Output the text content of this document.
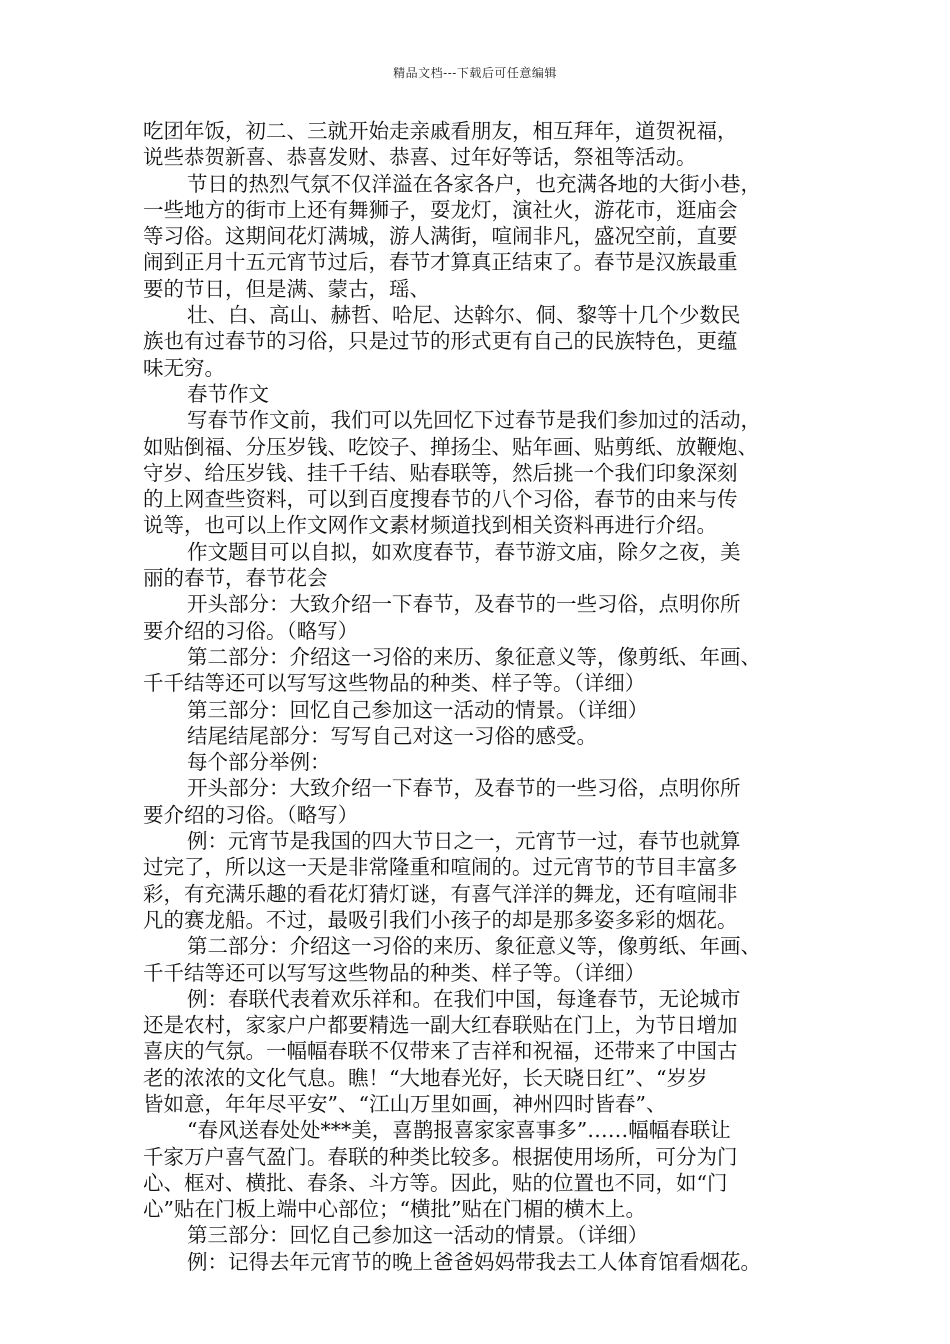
精品文档---下载后可任意编辑
吃团年饭，初二、三就开始走亲戚看朋友，相互拜年，道贺祝福，
说些恭贺新喜、恭喜发财、恭喜、过年好等话，祭祖等活动。
节日的热烈气氛不仅洋溢在各家各户，也充满各地的大街小巷，
一些地方的街市上还有舞狮子，耍龙灯，演社火，游花市，逛庙会
等习俗。这期间花灯满城，游人满街，喧闹非凡，盛况空前，直要
闹到正月十五元宵节过后，春节才算真正结束了。春节是汉族最重
要的节日，但是满、蒙古，瑶、
壮、白、高山、赫哲、哈尼、达斡尔、侗、黎等十几个少数民
族也有过春节的习俗，只是过节的形式更有自己的民族特色，更蕴
味无穷。
春节作文
写春节作文前，我们可以先回忆下过春节是我们参加过的活动，
如贴倒福、分压岁钱、吃饺子、掸扬尘、贴年画、贴剪纸、放鞭炮、
守岁、给压岁钱、挂千千结、贴春联等，然后挑一个我们印象深刻
的上网查些资料，可以到百度搜春节的八个习俗，春节的由来与传
说等，也可以上作文网作文素材频道找到相关资料再进行介绍。
作文题目可以自拟，如欢度春节，春节游文庙，除夕之夜，美
丽的春节，春节花会
开头部分：大致介绍一下春节，及春节的一些习俗，点明你所
要介绍的习俗。（略写）
第二部分：介绍这一习俗的来历、象征意义等，像剪纸、年画、
千千结等还可以写写这些物品的种类、样子等。（详细）
第三部分：回忆自己参加这一活动的情景。（详细）
结尾结尾部分：写写自己对这一习俗的感受。
每个部分举例：
开头部分：大致介绍一下春节，及春节的一些习俗，点明你所
要介绍的习俗。（略写）
例：元宵节是我国的四大节日之一，元宵节一过，春节也就算
过完了，所以这一天是非常隆重和喧闹的。过元宵节的节目丰富多
彩，有充满乐趣的看花灯猜灯谜，有喜气洋洋的舞龙，还有喧闹非
凡的赛龙船。不过，最吸引我们小孩子的却是那多姿多彩的烟花。
第二部分：介绍这一习俗的来历、象征意义等，像剪纸、年画、
千千结等还可以写写这些物品的种类、样子等。（详细）
例：春联代表着欢乐祥和。在我们中国，每逢春节，无论城市
还是农村，家家户户都要精选一副大红春联贴在门上，为节日增加
喜庆的气氛。一幅幅春联不仅带来了吉祥和祝福，还带来了中国古
老的浓浓的文化气息。瞧！“大地春光好，长天晓日红”、“岁岁
皆如意，年年尽平安”、“江山万里如画，神州四时皆春”、
“春风送春处处***美，喜鹊报喜家家喜事多”……幅幅春联让
千家万户喜气盈门。春联的种类比较多。根据使用场所，可分为门
心、框对、横批、春条、斗方等。因此，贴的位置也不同，如“门
心”贴在门板上端中心部位；“横批”贴在门楣的横木上。
第三部分：回忆自己参加这一活动的情景。（详细）
例：记得去年元宵节的晚上爸爸妈妈带我去工人体育馆看烟花。
